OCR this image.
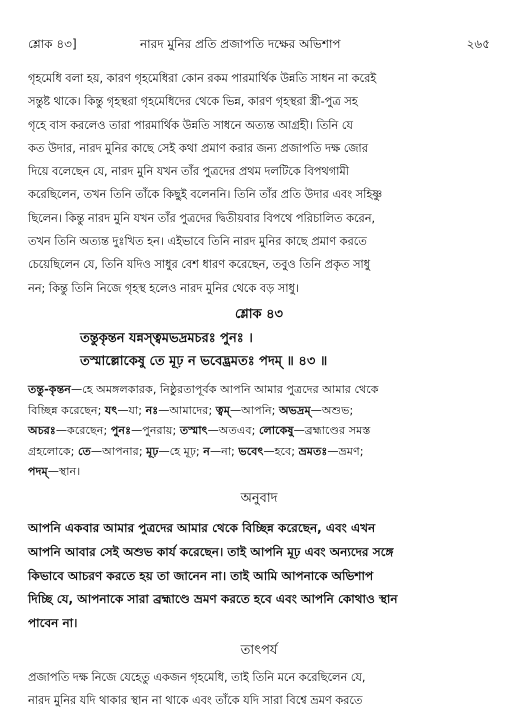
শ্লোক ৪৩]	নারদ মুনির প্রতি প্রজাপতি দক্ষের অভিশাপ	২৬৫
গৃহমেধি বলা হয়, কারণ গৃহমেধিরা কোন রকম পারমার্থিক উন্নতি সাধন না করেই
সন্তুষ্ট থাকে। কিন্তু গৃহস্থরা গৃহমেধিদের থেকে ভিন্ন, কারণ গৃহস্থরা স্ত্রী-পুত্র সহ
গৃহে বাস করলেও তারা পারমার্থিক উন্নতি সাধনে অত্যন্ত আগ্রহী। তিনি যে
কত উদার, নারদ মুনির কাছে সেই কথা প্রমাণ করার জন্য প্রজাপতি দক্ষ জোর
দিয়ে বলেছেন যে, নারদ মুনি যখন তাঁর পুত্রদের প্রথম দলটিকে বিপথগামী
করেছিলেন, তখন তিনি তাঁকে কিছুই বলেননি। তিনি তাঁর প্রতি উদার এবং সহিষ্ণু
ছিলেন। কিন্তু নারদ মুনি যখন তাঁর পুত্রদের দ্বিতীয়বার বিপথে পরিচালিত করেন,
তখন তিনি অত্যন্ত দুঃখিত হন। এইভাবে তিনি নারদ মুনির কাছে প্রমাণ করতে
চেয়েছিলেন যে, তিনি যদিও সাধুর বেশ ধারণ করেছেন, তবুও তিনি প্রকৃত সাধু
নন; কিন্তু তিনি নিজে গৃহস্থ হলেও নারদ মুনির থেকে বড় সাধু।
শ্লোক ৪৩
তন্তুকৃন্তন যন্নস্ত্বমভদ্রমচরঃ পুনঃ ।
তস্মাল্লোকেষু তে মূঢ় ন ভবেদ্ভ্রমতঃ পদম্ ॥ ৪৩ ॥
তন্তু-কৃন্তন—হে অমঙ্গলকারক, নিষ্ঠুরতাপূর্বক আপনি আমার পুত্রদের আমার থেকে
বিচ্ছিন্ন করেছেন; যৎ—যা; নঃ—আমাদের; ত্বম্—আপনি; অভদ্রম্—অশুভ;
অচরঃ—করেছেন; পুনঃ—পুনরায়; তস্মাৎ—অতএব; লোকেষু—ব্রহ্মাণ্ডের সমস্ত
গ্রহলোকে; তে—আপনার; মূঢ়—হে মূঢ়; ন—না; ভবেৎ—হবে; ভ্রমতঃ—ভ্রমণ;
পদম্—স্থান।
অনুবাদ
আপনি একবার আমার পুত্রদের আমার থেকে বিচ্ছিন্ন করেছেন, এবং এখন
আপনি আবার সেই অশুভ কার্য করেছেন। তাই আপনি মূঢ় এবং অন্যদের সঙ্গে
কিভাবে আচরণ করতে হয় তা জানেন না। তাই আমি আপনাকে অভিশাপ
দিচ্ছি যে, আপনাকে সারা ব্রহ্মাণ্ডে ভ্রমণ করতে হবে এবং আপনি কোথাও স্থান
পাবেন না।
তাৎপর্য
প্রজাপতি দক্ষ নিজে যেহেতু একজন গৃহমেধি, তাই তিনি মনে করেছিলেন যে,
নারদ মুনির যদি থাকার স্থান না থাকে এবং তাঁকে যদি সারা বিশ্বে ভ্রমণ করতে
